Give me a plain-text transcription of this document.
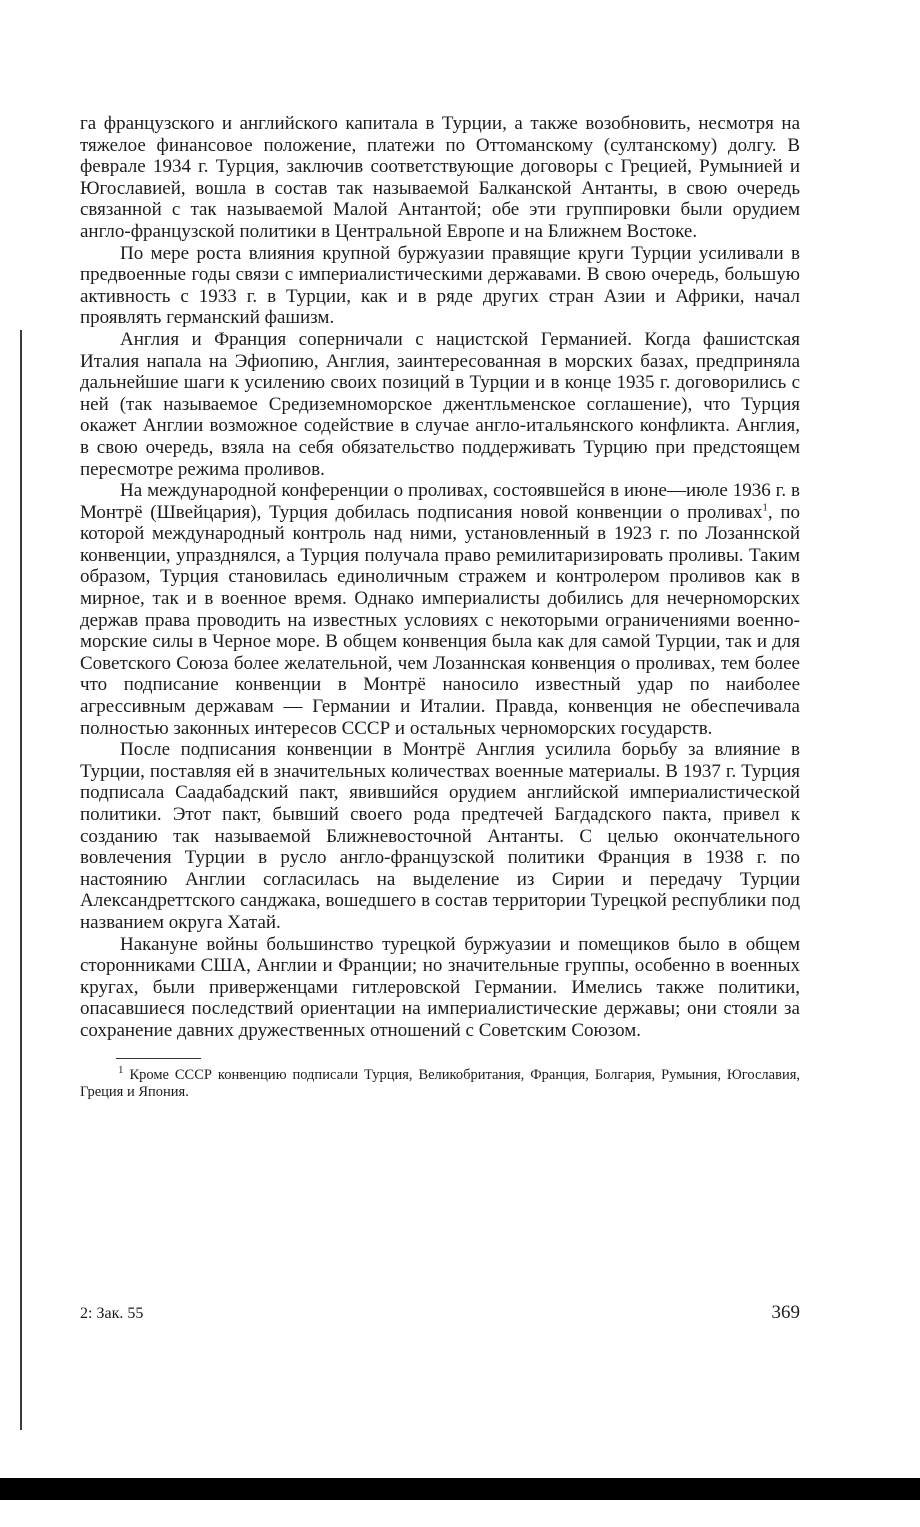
га французского и английского капитала в Турции, а также возобновить, несмотря на тяжелое финансовое положение, платежи по Оттоманскому (султанскому) долгу. В феврале 1934 г. Турция, заключив соответствующие договоры с Грецией, Румынией и Югославией, вошла в состав так называемой Балканской Антанты, в свою очередь связанной с так называемой Малой Антантой; обе эти группировки были орудием англо-французской политики в Центральной Европе и на Ближнем Востоке.

По мере роста влияния крупной буржуазии правящие круги Турции усиливали в предвоенные годы связи с империалистическими державами. В свою очередь, большую активность с 1933 г. в Турции, как и в ряде других стран Азии и Африки, начал проявлять германский фашизм.

Англия и Франция соперничали с нацистской Германией. Когда фашистская Италия напала на Эфиопию, Англия, заинтересованная в морских базах, предприняла дальнейшие шаги к усилению своих позиций в Турции и в конце 1935 г. договорились с ней (так называемое Средиземноморское джентльменское соглашение), что Турция окажет Англии возможное содействие в случае англо-итальянского конфликта. Англия, в свою очередь, взяла на себя обязательство поддерживать Турцию при предстоящем пересмотре режима проливов.

На международной конференции о проливах, состоявшейся в июне—июле 1936 г. в Монтрё (Швейцария), Турция добилась подписания новой конвенции о проливах$^1$, по которой международный контроль над ними, установленный в 1923 г. по Лозаннской конвенции, упразднялся, а Турция получала право ремилитаризировать проливы. Таким образом, Турция становилась единоличным стражем и контролером проливов как в мирное, так и в военное время. Однако империалисты добились для нечерноморских держав права проводить на известных условиях с некоторыми ограничениями военно-морские силы в Черное море. В общем конвенция была как для самой Турции, так и для Советского Союза более желательной, чем Лозаннская конвенция о проливах, тем более что подписание конвенции в Монтрё наносило известный удар по наиболее агрессивным державам — Германии и Италии. Правда, конвенция не обеспечивала полностью законных интересов СССР и остальных черноморских государств.

После подписания конвенции в Монтрё Англия усилила борьбу за влияние в Турции, поставляя ей в значительных количествах военные материалы. В 1937 г. Турция подписала Саадабадский пакт, явившийся орудием английской империалистической политики. Этот пакт, бывший своего рода предтечей Багдадского пакта, привел к созданию так называемой Ближневосточной Антанты. С целью окончательного вовлечения Турции в русло англо-французской политики Франция в 1938 г. по настоянию Англии согласилась на выделение из Сирии и передачу Турции Александреттского санджака, вошедшего в состав территории Турецкой республики под названием округа Хатай.

Накануне войны большинство турецкой буржуазии и помещиков было в общем сторонниками США, Англии и Франции; но значительные группы, особенно в военных кругах, были приверженцами гитлеровской Германии. Имелись также политики, опасавшиеся последствий ориентации на империалистические державы; они стояли за сохранение давних дружественных отношений с Советским Союзом.

$^1$ Кроме СССР конвенцию подписали Турция, Великобритания, Франция, Болгария, Румыния, Югославия, Греция и Япония.

2: Зак. 55	369
